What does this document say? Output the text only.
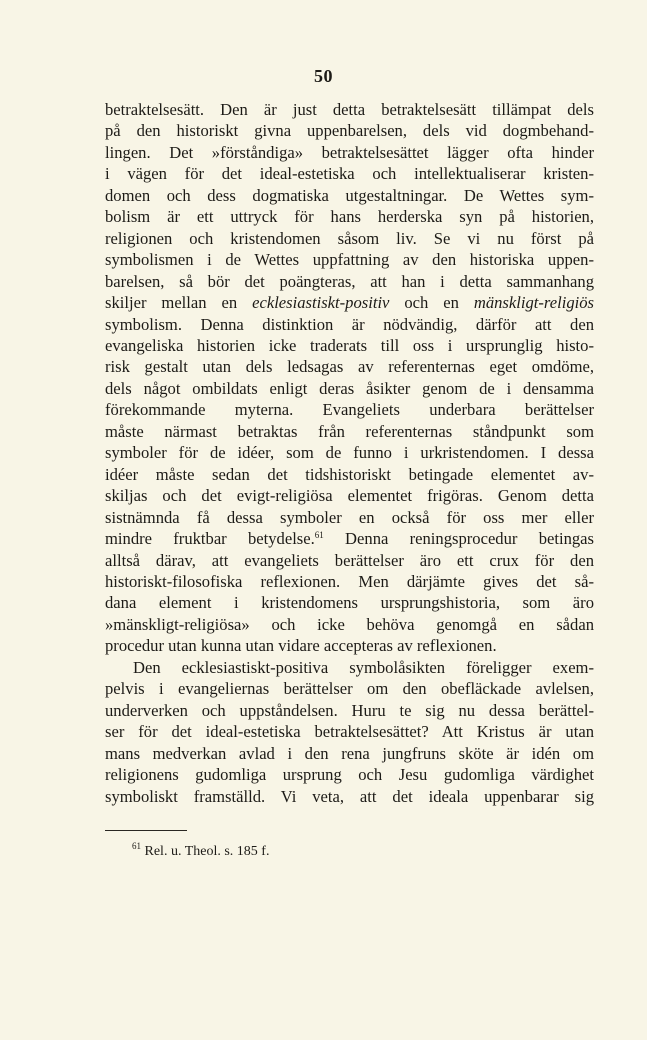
50
betraktelsesätt. Den är just detta betraktelsesätt tillämpat dels
på den historiskt givna uppenbarelsen, dels vid dogmbehand-
lingen. Det »förståndiga» betraktelsesättet lägger ofta hinder
i vägen för det ideal-estetiska och intellektualiserar kristen-
domen och dess dogmatiska utgestaltningar. De Wettes sym-
bolism är ett uttryck för hans herderska syn på historien,
religionen och kristendomen såsom liv. Se vi nu först på
symbolismen i de Wettes uppfattning av den historiska uppen-
barelsen, så bör det poängteras, att han i detta sammanhang
skiljer mellan en ecklesiastiskt-positiv och en mänskligt-religiös
symbolism. Denna distinktion är nödvändig, därför att den
evangeliska historien icke traderats till oss i ursprunglig histo-
risk gestalt utan dels ledsagas av referenternas eget omdöme,
dels något ombildats enligt deras åsikter genom de i densamma
förekommande myterna. Evangeliets underbara berättelser
måste närmast betraktas från referenternas ståndpunkt som
symboler för de idéer, som de funno i urkristendomen. I dessa
idéer måste sedan det tidshistoriskt betingade elementet av-
skiljas och det evigt-religiösa elementet frigöras. Genom detta
sistnämnda få dessa symboler en också för oss mer eller
mindre fruktbar betydelse.$^{61}$ Denna reningsprocedur betingas
alltså därav, att evangeliets berättelser äro ett crux för den
historiskt-filosofiska reflexionen. Men därjämte gives det så-
dana element i kristendomens ursprungshistoria, som äro
»mänskligt-religiösa» och icke behöva genomgå en sådan
procedur utan kunna utan vidare accepteras av reflexionen.
Den ecklesiastiskt-positiva symbolåsikten föreligger exem-
pelvis i evangeliernas berättelser om den obefläckade avlelsen,
underverken och uppståndelsen. Huru te sig nu dessa berättel-
ser för det ideal-estetiska betraktelsesättet? Att Kristus är utan
mans medverkan avlad i den rena jungfruns sköte är idén om
religionens gudomliga ursprung och Jesu gudomliga värdighet
symboliskt framställd. Vi veta, att det ideala uppenbarar sig
$^{61}$ Rel. u. Theol. s. 185 f.
